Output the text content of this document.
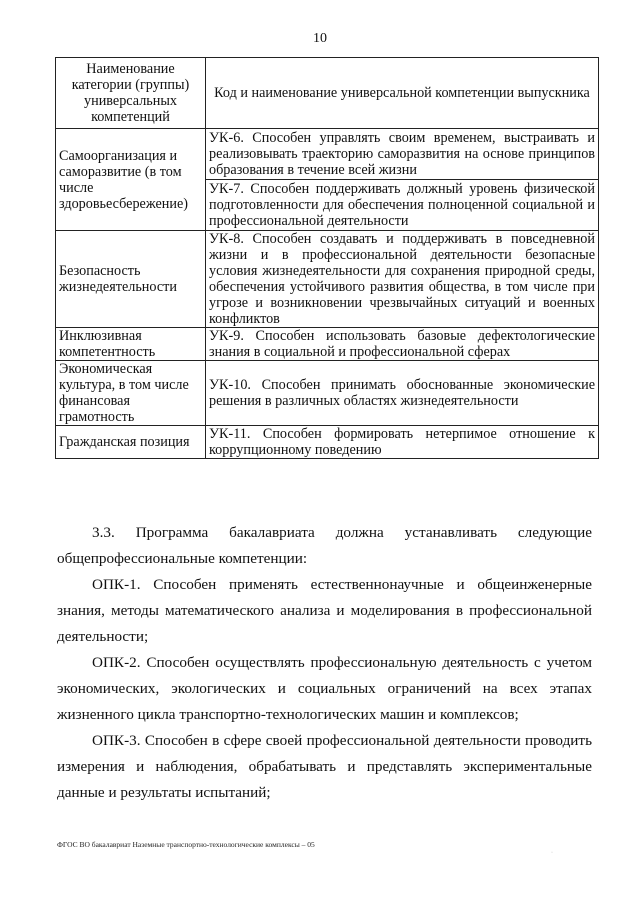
10
Наименование категории (группы) универсальных компетенций	Код и наименование универсальной компетенции выпускника
Самоорганизация и саморазвитие (в том числе здоровьесбережение)	УК-6. Способен управлять своим временем, выстраивать и реализовывать траекторию саморазвития на основе принципов образования в течение всей жизни
УК-7. Способен поддерживать должный уровень физической подготовленности для обеспечения полноценной социальной и профессиональной деятельности

Безопасность жизнедеятельности	УК-8. Способен создавать и поддерживать в повседневной жизни и в профессиональной деятельности безопасные условия жизнедеятельности для сохранения природной среды, обеспечения устойчивого развития общества, в том числе при угрозе и возникновении чрезвычайных ситуаций и военных конфликтов

Инклюзивная компетентность	УК-9. Способен использовать базовые дефектологические знания в социальной и профессиональной сферах

Экономическая культура, в том числе финансовая грамотность	УК-10. Способен принимать обоснованные экономические решения в различных областях жизнедеятельности

Гражданская позиция	УК-11. Способен формировать нетерпимое отношение к коррупционному поведению

3.3. Программа бакалавриата должна устанавливать следующие общепрофессиональные компетенции:

ОПК-1. Способен применять естественнонаучные и общеинженерные знания, методы математического анализа и моделирования в профессиональной деятельности;

ОПК-2. Способен осуществлять профессиональную деятельность с учетом экономических, экологических и социальных ограничений на всех этапах жизненного цикла транспортно-технологических машин и комплексов;

ОПК-3. Способен в сфере своей профессиональной деятельности проводить измерения и наблюдения, обрабатывать и представлять экспериментальные данные и результаты испытаний;

ФГОС ВО бакалавриат Наземные транспортно-технологические комплексы – 05
·
